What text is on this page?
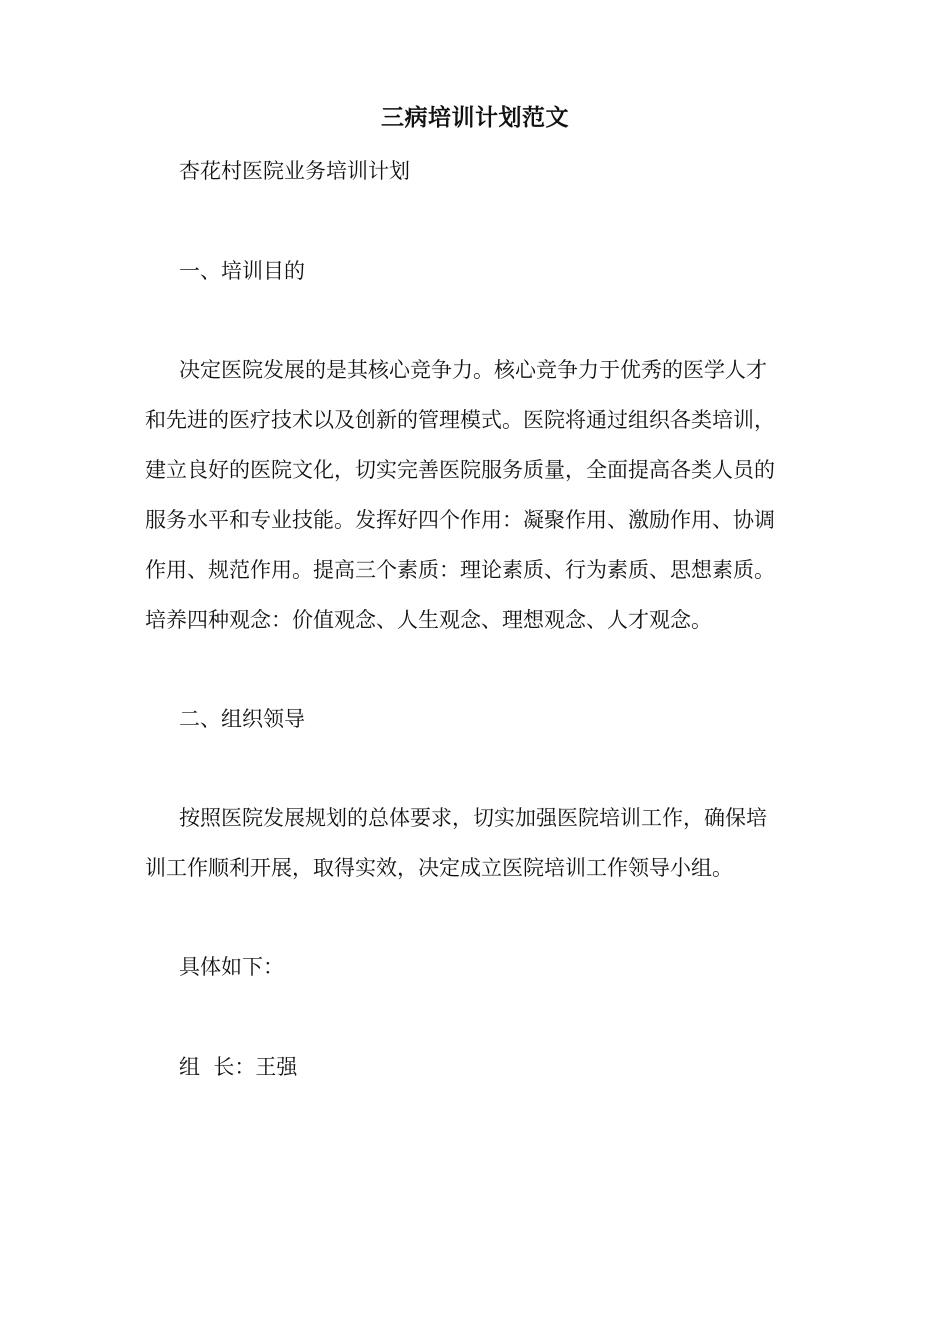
三病培训计划范文
杏花村医院业务培训计划
一、培训目的
决定医院发展的是其核心竞争力。核心竞争力于优秀的医学人才
和先进的医疗技术以及创新的管理模式。医院将通过组织各类培训，
建立良好的医院文化，切实完善医院服务质量，全面提高各类人员的
服务水平和专业技能。发挥好四个作用：凝聚作用、激励作用、协调
作用、规范作用。提高三个素质：理论素质、行为素质、思想素质。
培养四种观念：价值观念、人生观念、理想观念、人才观念。
二、组织领导
按照医院发展规划的总体要求，切实加强医院培训工作，确保培
训工作顺利开展，取得实效，决定成立医院培训工作领导小组。
具体如下：
组  长：王强
